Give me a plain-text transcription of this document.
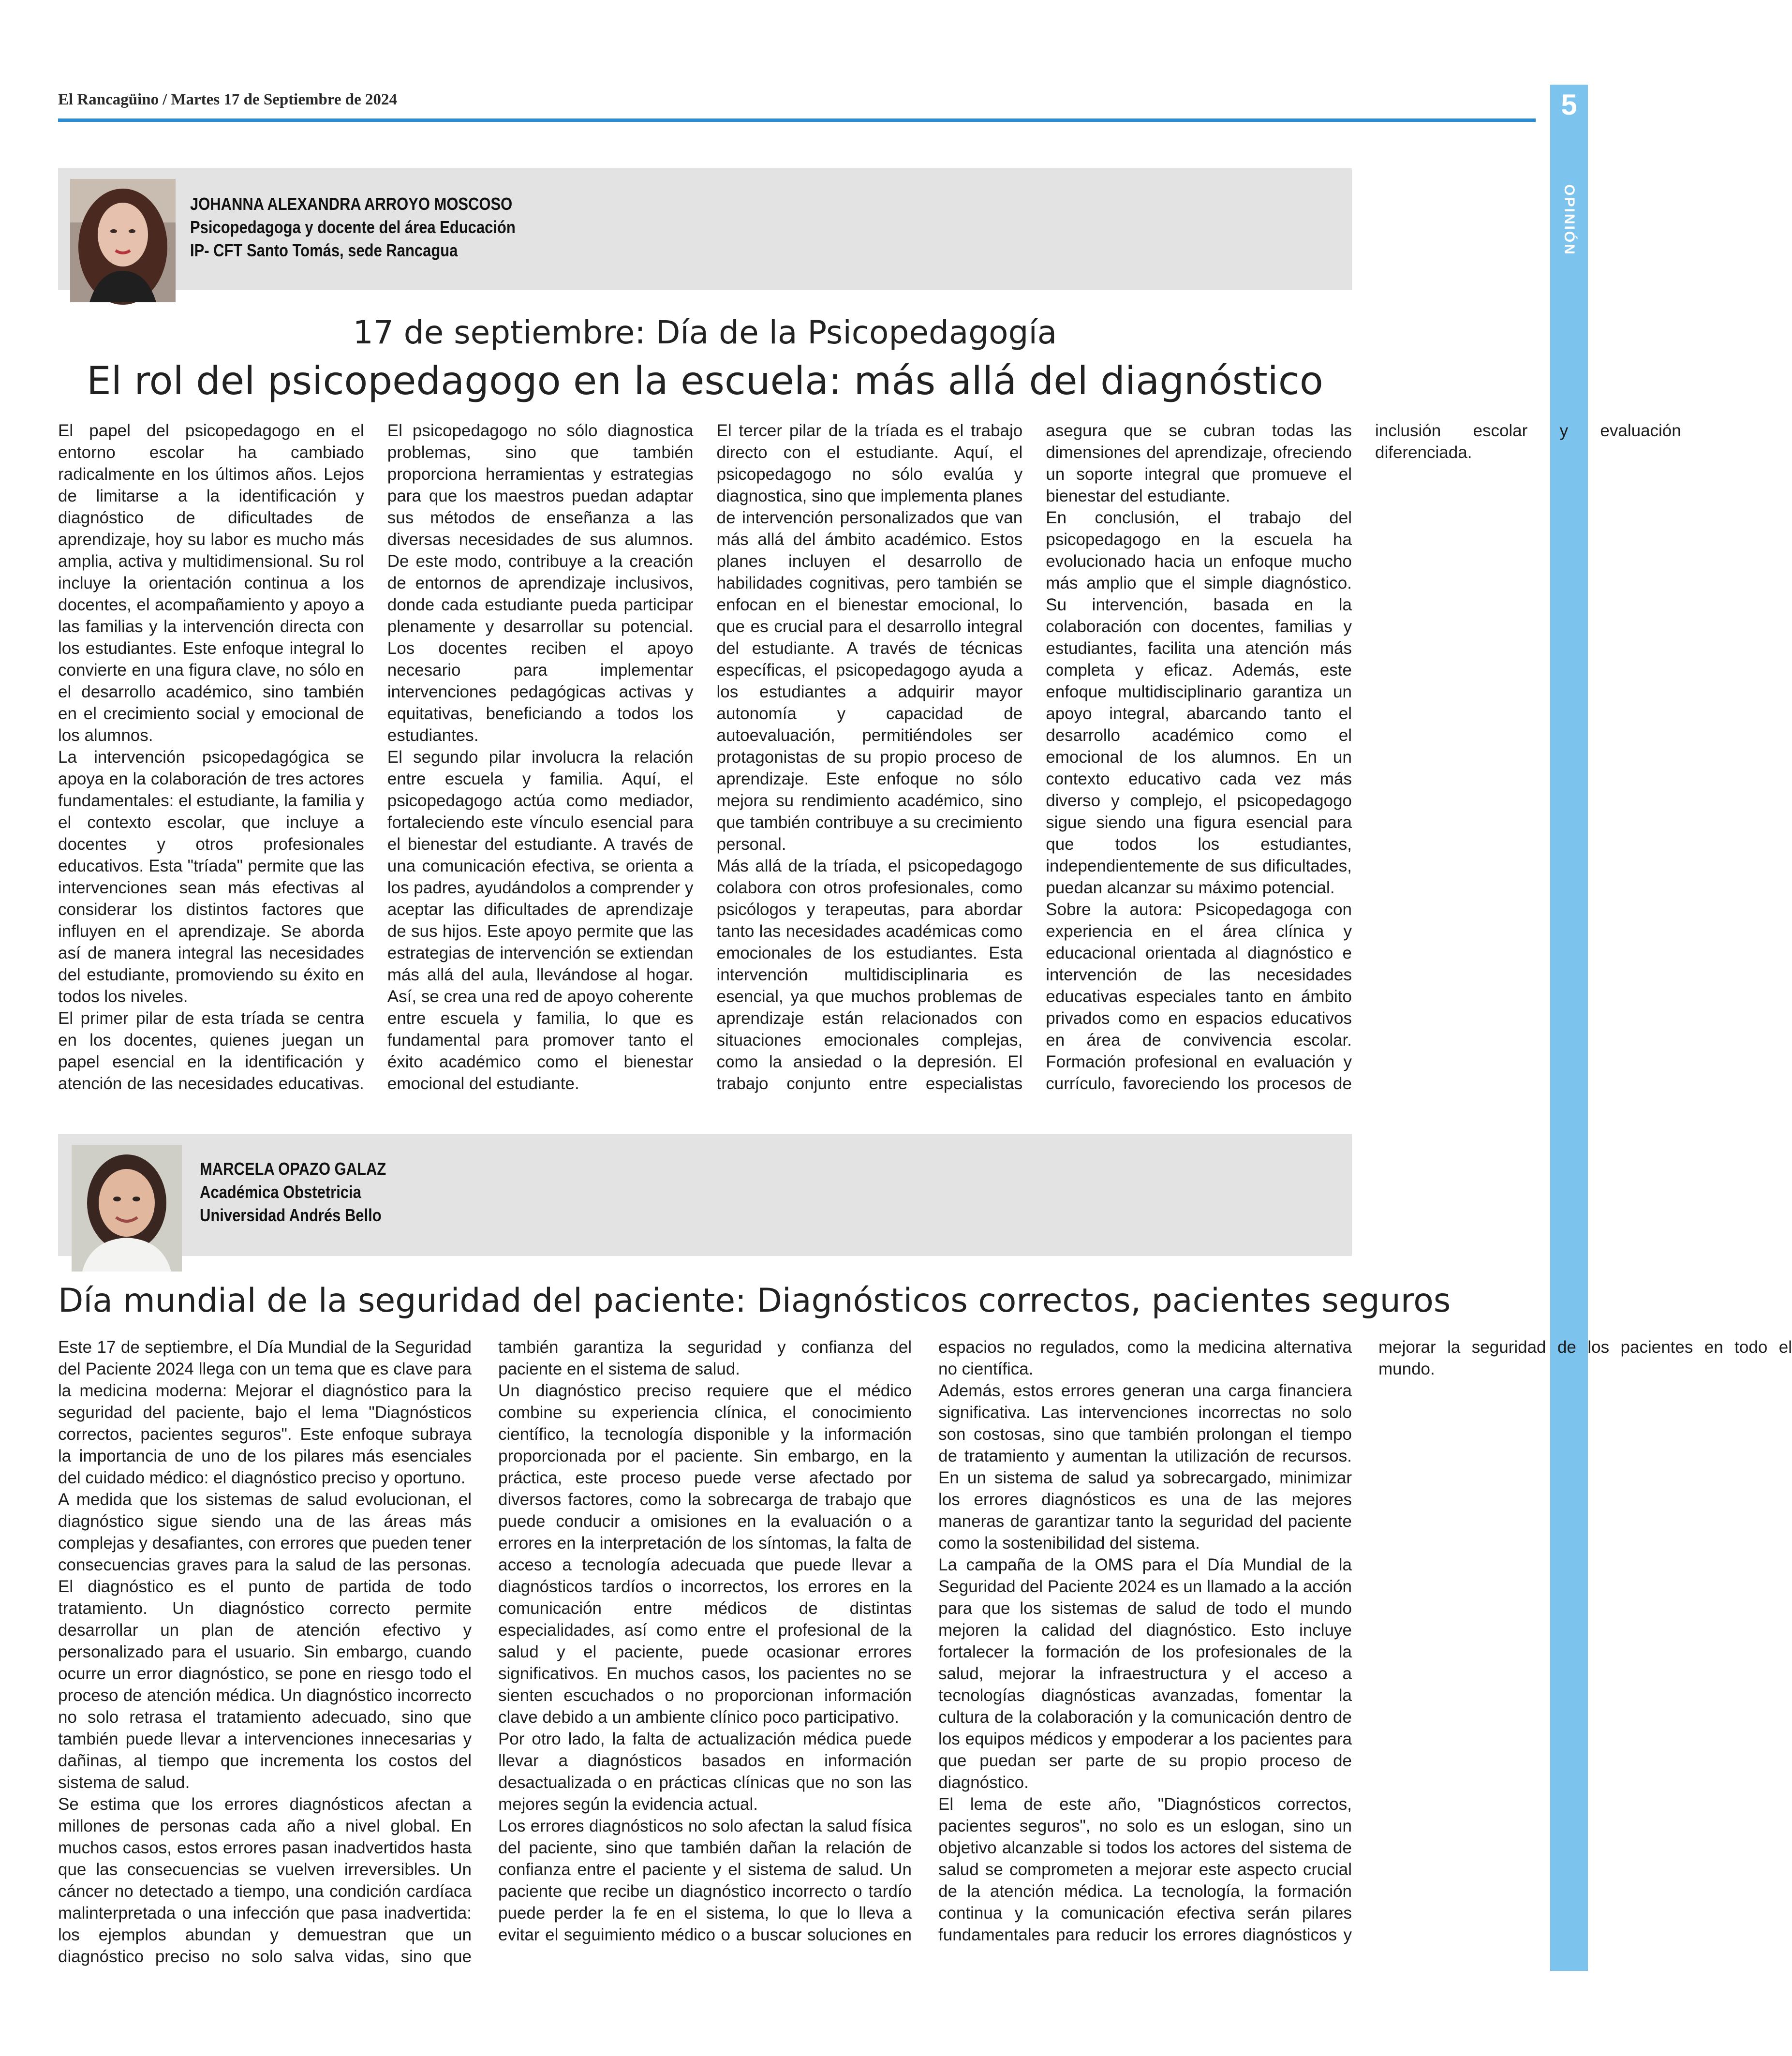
El Rancagüino / Martes 17 de Septiembre de 2024	5
OPINIÓN
JOHANNA ALEXANDRA ARROYO MOSCOSO
Psicopedagoga y docente del área Educación
IP- CFT Santo Tomás, sede Rancagua
17 de septiembre: Día de la Psicopedagogía
El rol del psicopedagogo en la escuela: más allá del diagnóstico

El papel del psicopedagogo en el entorno escolar ha cambiado radicalmente en los últimos años. Lejos de limitarse a la identificación y diagnóstico de dificultades de aprendizaje, hoy su labor es mucho más amplia, activa y multidimensional. Su rol incluye la orientación continua a los docentes, el acompañamiento y apoyo a las familias y la intervención directa con los estudiantes. Este enfoque integral lo convierte en una figura clave, no sólo en el desarrollo académico, sino también en el crecimiento social y emocional de los alumnos.

La intervención psicopedagógica se apoya en la colaboración de tres actores fundamentales: el estudiante, la familia y el contexto escolar, que incluye a docentes y otros profesionales educativos. Esta "tríada" permite que las intervenciones sean más efectivas al considerar los distintos factores que influyen en el aprendizaje. Se aborda así de manera integral las necesidades del estudiante, promoviendo su éxito en todos los niveles.

El primer pilar de esta tríada se centra en los docentes, quienes juegan un papel esencial en la identificación y atención de las necesidades educativas. El psicopedagogo no sólo diagnostica problemas, sino que también proporciona herramientas y estrategias para que los maestros puedan adaptar sus métodos de enseñanza a las diversas necesidades de sus alumnos. De este modo, contribuye a la creación de entornos de aprendizaje inclusivos, donde cada estudiante pueda participar plenamente y desarrollar su potencial. Los docentes reciben el apoyo necesario para implementar intervenciones pedagógicas activas y equitativas, beneficiando a todos los estudiantes.

El segundo pilar involucra la relación entre escuela y familia. Aquí, el psicopedagogo actúa como mediador, fortaleciendo este vínculo esencial para el bienestar del estudiante. A través de una comunicación efectiva, se orienta a los padres, ayudándolos a comprender y aceptar las dificultades de aprendizaje de sus hijos. Este apoyo permite que las estrategias de intervención se extiendan más allá del aula, llevándose al hogar. Así, se crea una red de apoyo coherente entre escuela y familia, lo que es fundamental para promover tanto el éxito académico como el bienestar emocional del estudiante.

El tercer pilar de la tríada es el trabajo directo con el estudiante. Aquí, el psicopedagogo no sólo evalúa y diagnostica, sino que implementa planes de intervención personalizados que van más allá del ámbito académico. Estos planes incluyen el desarrollo de habilidades cognitivas, pero también se enfocan en el bienestar emocional, lo que es crucial para el desarrollo integral del estudiante. A través de técnicas específicas, el psicopedagogo ayuda a los estudiantes a adquirir mayor autonomía y capacidad de autoevaluación, permitiéndoles ser protagonistas de su propio proceso de aprendizaje. Este enfoque no sólo mejora su rendimiento académico, sino que también contribuye a su crecimiento personal.

Más allá de la tríada, el psicopedagogo colabora con otros profesionales, como psicólogos y terapeutas, para abordar tanto las necesidades académicas como emocionales de los estudiantes. Esta intervención multidisciplinaria es esencial, ya que muchos problemas de aprendizaje están relacionados con situaciones emocionales complejas, como la ansiedad o la depresión. El trabajo conjunto entre especialistas asegura que se cubran todas las dimensiones del aprendizaje, ofreciendo un soporte integral que promueve el bienestar del estudiante.

En conclusión, el trabajo del psicopedagogo en la escuela ha evolucionado hacia un enfoque mucho más amplio que el simple diagnóstico. Su intervención, basada en la colaboración con docentes, familias y estudiantes, facilita una atención más completa y eficaz. Además, este enfoque multidisciplinario garantiza un apoyo integral, abarcando tanto el desarrollo académico como el emocional de los alumnos. En un contexto educativo cada vez más diverso y complejo, el psicopedagogo sigue siendo una figura esencial para que todos los estudiantes, independientemente de sus dificultades, puedan alcanzar su máximo potencial.

Sobre la autora: Psicopedagoga con experiencia en el área clínica y educacional orientada al diagnóstico e intervención de las necesidades educativas especiales tanto en ámbito privados como en espacios educativos en área de convivencia escolar. Formación profesional en evaluación y currículo, favoreciendo los procesos de inclusión escolar y evaluación diferenciada.

MARCELA OPAZO GALAZ
Académica Obstetricia
Universidad Andrés Bello
Día mundial de la seguridad del paciente: Diagnósticos correctos, pacientes seguros

Este 17 de septiembre, el Día Mundial de la Seguridad del Paciente 2024 llega con un tema que es clave para la medicina moderna: Mejorar el diagnóstico para la seguridad del paciente, bajo el lema "Diagnósticos correctos, pacientes seguros". Este enfoque subraya la importancia de uno de los pilares más esenciales del cuidado médico: el diagnóstico preciso y oportuno.

A medida que los sistemas de salud evolucionan, el diagnóstico sigue siendo una de las áreas más complejas y desafiantes, con errores que pueden tener consecuencias graves para la salud de las personas. El diagnóstico es el punto de partida de todo tratamiento. Un diagnóstico correcto permite desarrollar un plan de atención efectivo y personalizado para el usuario. Sin embargo, cuando ocurre un error diagnóstico, se pone en riesgo todo el proceso de atención médica. Un diagnóstico incorrecto no solo retrasa el tratamiento adecuado, sino que también puede llevar a intervenciones innecesarias y dañinas, al tiempo que incrementa los costos del sistema de salud.

Se estima que los errores diagnósticos afectan a millones de personas cada año a nivel global. En muchos casos, estos errores pasan inadvertidos hasta que las consecuencias se vuelven irreversibles. Un cáncer no detectado a tiempo, una condición cardíaca malinterpretada o una infección que pasa inadvertida: los ejemplos abundan y demuestran que un diagnóstico preciso no solo salva vidas, sino que también garantiza la seguridad y confianza del paciente en el sistema de salud.

Un diagnóstico preciso requiere que el médico combine su experiencia clínica, el conocimiento científico, la tecnología disponible y la información proporcionada por el paciente. Sin embargo, en la práctica, este proceso puede verse afectado por diversos factores, como la sobrecarga de trabajo que puede conducir a omisiones en la evaluación o a errores en la interpretación de los síntomas, la falta de acceso a tecnología adecuada que puede llevar a diagnósticos tardíos o incorrectos, los errores en la comunicación entre médicos de distintas especialidades, así como entre el profesional de la salud y el paciente, puede ocasionar errores significativos. En muchos casos, los pacientes no se sienten escuchados o no proporcionan información clave debido a un ambiente clínico poco participativo.

Por otro lado, la falta de actualización médica puede llevar a diagnósticos basados en información desactualizada o en prácticas clínicas que no son las mejores según la evidencia actual.

Los errores diagnósticos no solo afectan la salud física del paciente, sino que también dañan la relación de confianza entre el paciente y el sistema de salud. Un paciente que recibe un diagnóstico incorrecto o tardío puede perder la fe en el sistema, lo que lo lleva a evitar el seguimiento médico o a buscar soluciones en espacios no regulados, como la medicina alternativa no científica.

Además, estos errores generan una carga financiera significativa. Las intervenciones incorrectas no solo son costosas, sino que también prolongan el tiempo de tratamiento y aumentan la utilización de recursos. En un sistema de salud ya sobrecargado, minimizar los errores diagnósticos es una de las mejores maneras de garantizar tanto la seguridad del paciente como la sostenibilidad del sistema.

La campaña de la OMS para el Día Mundial de la Seguridad del Paciente 2024 es un llamado a la acción para que los sistemas de salud de todo el mundo mejoren la calidad del diagnóstico. Esto incluye fortalecer la formación de los profesionales de la salud, mejorar la infraestructura y el acceso a tecnologías diagnósticas avanzadas, fomentar la cultura de la colaboración y la comunicación dentro de los equipos médicos y empoderar a los pacientes para que puedan ser parte de su propio proceso de diagnóstico.

El lema de este año, "Diagnósticos correctos, pacientes seguros", no solo es un eslogan, sino un objetivo alcanzable si todos los actores del sistema de salud se comprometen a mejorar este aspecto crucial de la atención médica. La tecnología, la formación continua y la comunicación efectiva serán pilares fundamentales para reducir los errores diagnósticos y mejorar la seguridad de los pacientes en todo el mundo.
